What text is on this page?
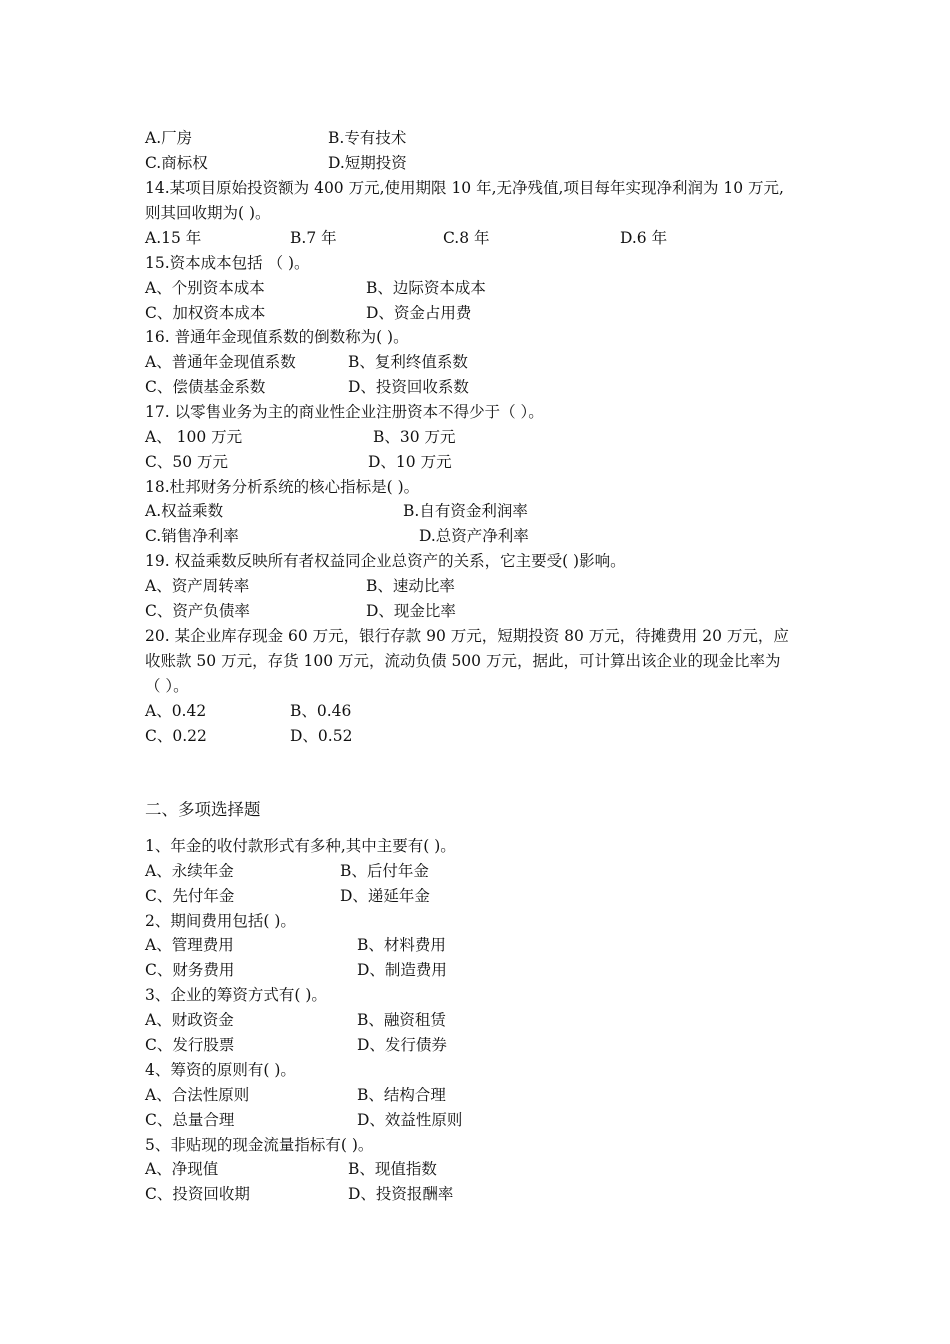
A.厂房	B.专有技术
C.商标权	D.短期投资
14.某项目原始投资额为 400 万元,使用期限 10 年,无净残值,项目每年实现净利润为 10 万元,
则其回收期为( )。
A.15 年	B.7 年	C.8 年	D.6 年
15.资本成本包括 （ )。
A、个别资本成本	B、边际资本成本
C、加权资本成本	D、资金占用费
16. 普通年金现值系数的倒数称为( )。
A、普通年金现值系数	B、复利终值系数
C、偿债基金系数	D、投资回收系数
17. 以零售业务为主的商业性企业注册资本不得少于（ ）。
A、 100 万元	B、30 万元
C、50 万元	D、10 万元
18.杜邦财务分析系统的核心指标是( )。
A.权益乘数	B.自有资金利润率
C.销售净利率	D.总资产净利率
19. 权益乘数反映所有者权益同企业总资产的关系，它主要受( )影响。
A、资产周转率	B、速动比率
C、资产负债率	D、现金比率
20. 某企业库存现金 60 万元，银行存款 90 万元，短期投资 80 万元，待摊费用 20 万元，应
收账款 50 万元，存货 100 万元，流动负债 500 万元，据此，可计算出该企业的现金比率为
（ ）。
A、0.42	B、0.46
C、0.22	D、0.52
二、多项选择题
1、年金的收付款形式有多种,其中主要有( )。
A、永续年金	B、后付年金
C、先付年金	D、递延年金
2、期间费用包括( )。
A、管理费用	B、材料费用
C、财务费用	D、制造费用
3、企业的筹资方式有( )。
A、财政资金	B、融资租赁
C、发行股票	D、发行债券
4、筹资的原则有( )。
A、合法性原则	B、结构合理
C、总量合理	D、效益性原则
5、非贴现的现金流量指标有( )。
A、净现值	B、现值指数
C、投资回收期	D、投资报酬率
